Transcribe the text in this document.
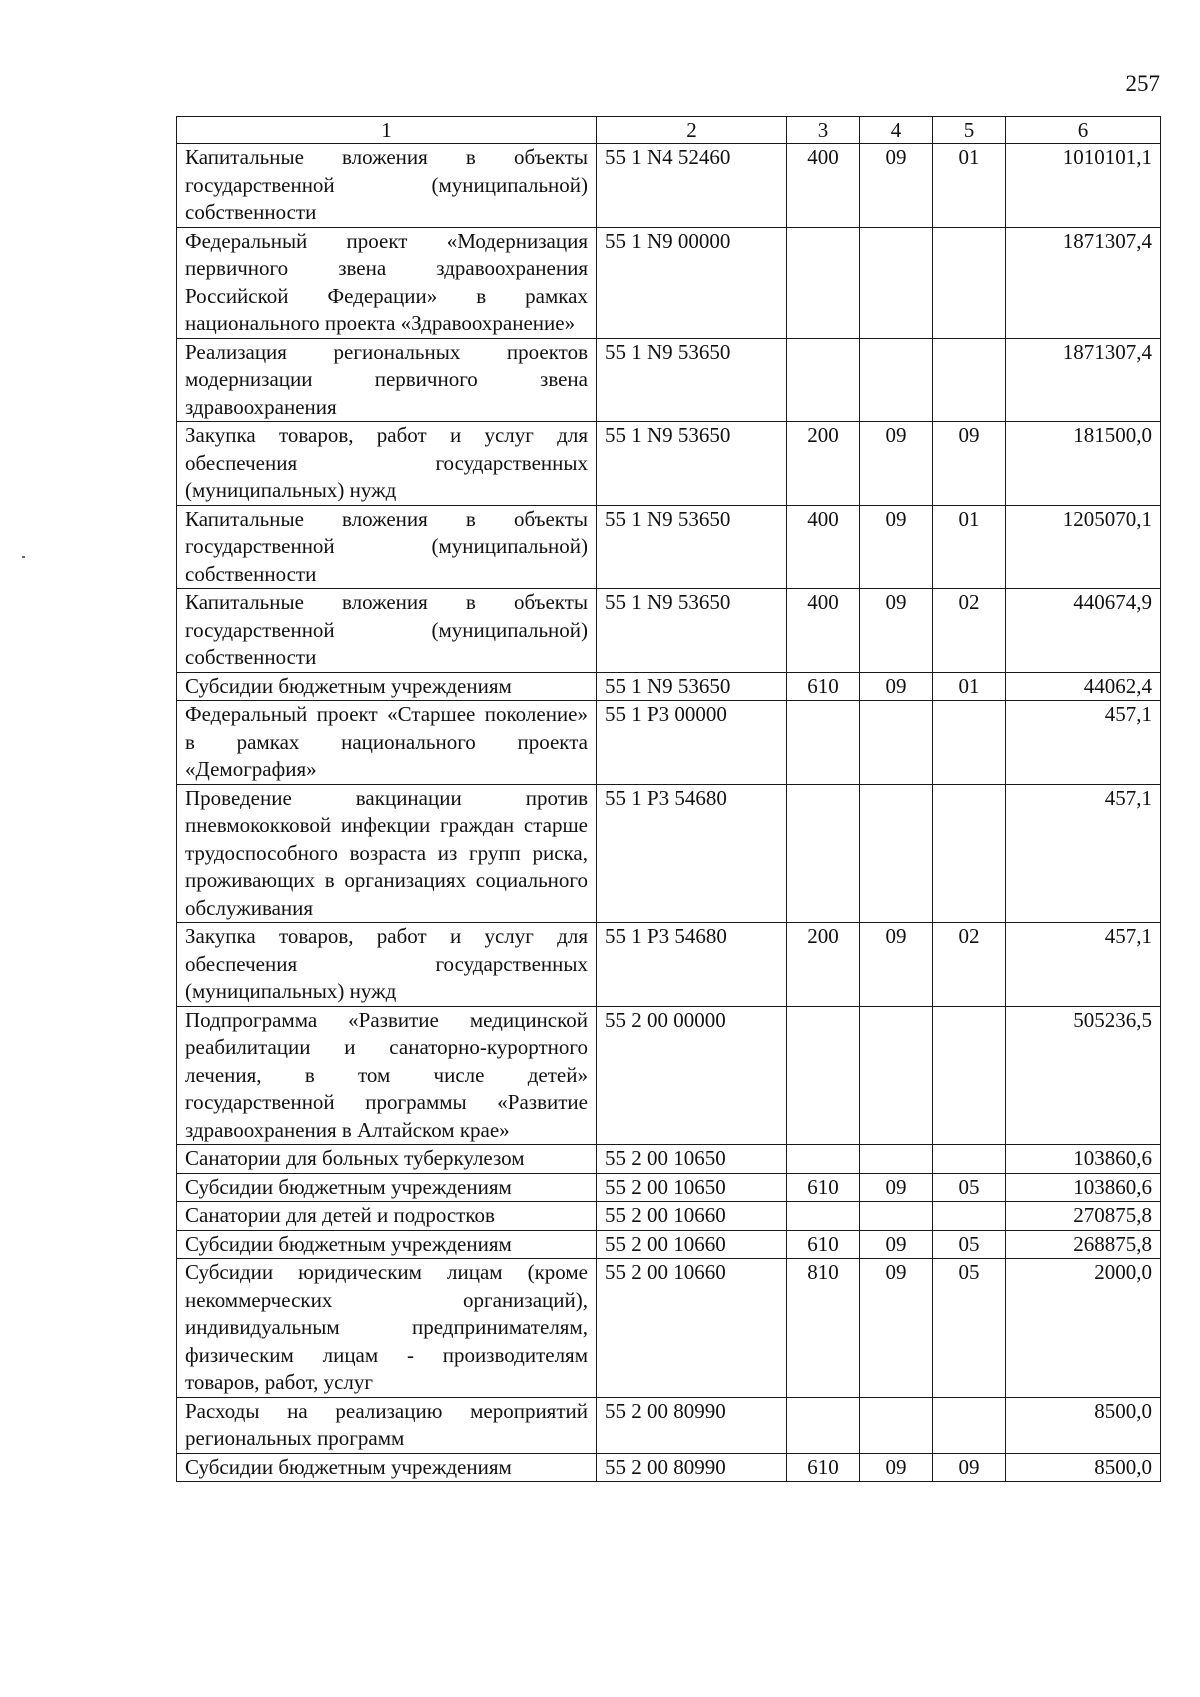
257
1	2	3	4	5	6
Капитальные вложения в объекты государственной (муниципальной) собственности	55 1 N4 52460	400	09	01	1010101,1
Федеральный проект «Модернизация первичного звена здравоохранения Российской Федерации» в рамках национального проекта «Здравоохранение»	55 1 N9 00000				1871307,4
Реализация региональных проектов модернизации первичного звена здравоохранения	55 1 N9 53650				1871307,4
Закупка товаров, работ и услуг для обеспечения государственных (муниципальных) нужд	55 1 N9 53650	200	09	09	181500,0
Капитальные вложения в объекты государственной (муниципальной) собственности	55 1 N9 53650	400	09	01	1205070,1
Капитальные вложения в объекты государственной (муниципальной) собственности	55 1 N9 53650	400	09	02	440674,9
Субсидии бюджетным учреждениям	55 1 N9 53650	610	09	01	44062,4
Федеральный проект «Старшее поколение» в рамках национального проекта «Демография»	55 1 P3 00000				457,1
Проведение вакцинации против пневмококковой инфекции граждан старше трудоспособного возраста из групп риска, проживающих в организациях социального обслуживания	55 1 P3 54680				457,1
Закупка товаров, работ и услуг для обеспечения государственных (муниципальных) нужд	55 1 P3 54680	200	09	02	457,1
Подпрограмма «Развитие медицинской реабилитации и санаторно-курортного лечения, в том числе детей» государственной программы «Развитие здравоохранения в Алтайском крае»	55 2 00 00000				505236,5
Санатории для больных туберкулезом	55 2 00 10650				103860,6
Субсидии бюджетным учреждениям	55 2 00 10650	610	09	05	103860,6
Санатории для детей и подростков	55 2 00 10660				270875,8
Субсидии бюджетным учреждениям	55 2 00 10660	610	09	05	268875,8
Субсидии юридическим лицам (кроме некоммерческих организаций), индивидуальным предпринимателям, физическим лицам - производителям товаров, работ, услуг	55 2 00 10660	810	09	05	2000,0
Расходы на реализацию мероприятий региональных программ	55 2 00 80990				8500,0
Субсидии бюджетным учреждениям	55 2 00 80990	610	09	09	8500,0
